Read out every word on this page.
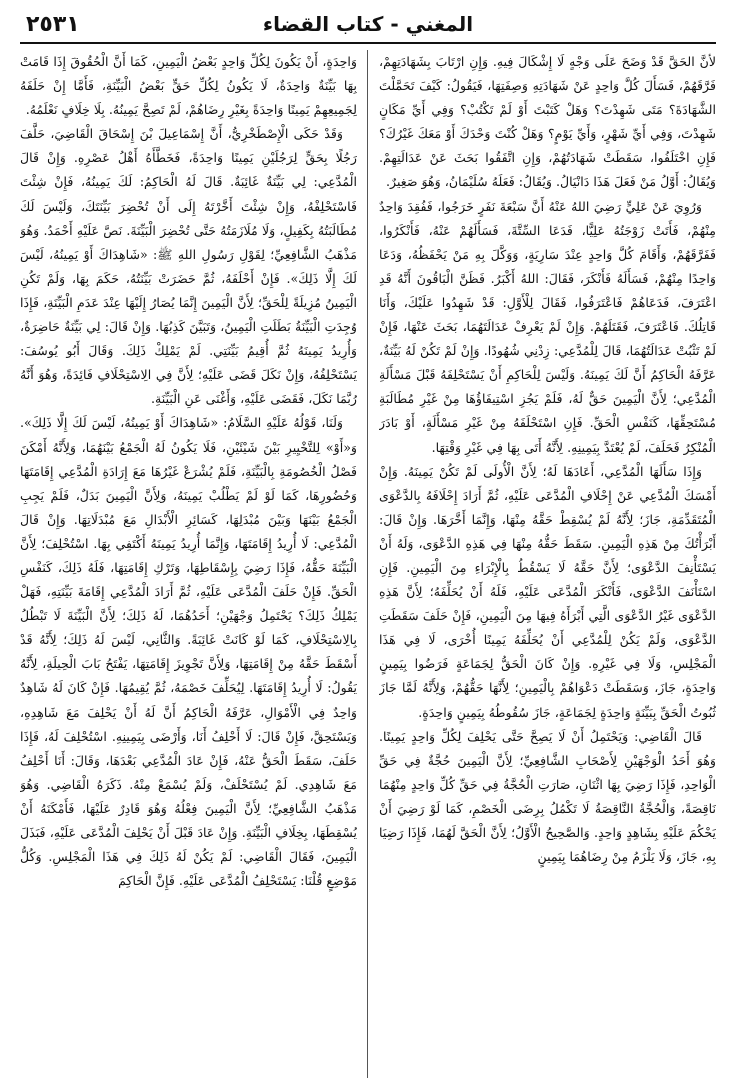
٢٥٣١	المغني - كتاب القضاء

لأنَّ الحَقَّ قَدْ وَضَحَ عَلَى وَجْهٍ لَا إِشْكَالَ فِيهِ. وَإِنِ ارْتَابَ بِشَهَادَتِهِمْ، فَرَّقَهُمْ، فَسَأَلَ كُلَّ وَاحِدٍ عَنْ شَهَادَتِهِ وَصِفَتِهَا، فَيَقُولُ: كَيْفَ تَحَمَّلْتَ الشَّهَادَةَ؟ مَتَى شَهِدْتَ؟ وَهَلْ كَتَبْتَ أَوْ لَمْ تَكْتُبْ؟ وَفِي أَيِّ مَكَانٍ شَهِدْتَ، وَفِي أَيِّ شَهْرٍ، وَأَيِّ يَوْمٍ؟ وَهَلْ كُنْتَ وَحْدَكَ أَوْ مَعَكَ غَيْرُكَ؟ فَإِنِ اخْتَلَفُوا، سَقَطَتْ شَهَادَتُهُمْ، وَإِنِ اتَّفَقُوا بَحَثَ عَنْ عَدَالَتِهِمْ. وَيُقَالُ: أَوَّلُ مَنْ فَعَلَ هَذَا دَانْيَالُ. وَيُقَالُ: فَعَلَهُ سُلَيْمَانُ، وَهُوَ صَغِيرٌ.

وَرُوِيَ عَنْ عَلِيٍّ رَضِيَ اللهُ عَنْهُ أَنَّ سَبْعَةَ نَفَرٍ خَرَجُوا، فَفُقِدَ وَاحِدٌ مِنْهُمْ، فَأَتَتْ زَوْجَتُهُ عَلِيًّا، فَدَعَا السِّتَّةَ، فَسَأَلَهُمْ عَنْهُ، فَأَنْكَرُوا، فَفَرَّقَهُمْ، وَأَقَامَ كُلَّ وَاحِدٍ عِنْدَ سَارِيَةٍ، وَوَكَّلَ بِهِ مَنْ يَحْفَظُهُ، وَدَعَا وَاحِدًا مِنْهُمْ، فَسَأَلَهُ فَأَنْكَرَ، فَقَالَ: اللهُ أَكْبَرُ. فَظَنَّ الْبَاقُونَ أَنَّهُ قَدِ اعْتَرَفَ، فَدَعَاهُمْ فَاعْتَرَفُوا، فَقَالَ لِلْأَوَّلِ: قَدْ شَهِدُوا عَلَيْكَ، وَأَنَا قَاتِلُكَ. فَاعْتَرَفَ، فَقَتَلَهُمْ. وَإِنْ لَمْ يَعْرِفْ عَدَالَتَهُمَا، بَحَثَ عَنْهَا، فَإِنْ لَمْ تَثْبُتْ عَدَالَتُهُمَا، قَالَ لِلْمُدَّعِي: زِدْنِي شُهُودًا. وَإِنْ لَمْ تَكُنْ لَهُ بَيِّنَةٌ، عَرَّفَهُ الْحَاكِمُ أَنَّ لَكَ يَمِينَهُ. وَلَيْسَ لِلْحَاكِمِ أَنْ يَسْتَحْلِفَهُ قَبْلَ مَسْأَلَةِ الْمُدَّعِي؛ لِأَنَّ الْيَمِينَ حَقٌّ لَهُ، فَلَمْ يَجُزِ اسْتِيفَاؤُهَا مِنْ غَيْرِ مُطَالَبَةِ مُسْتَحِقِّهَا، كَنَفْسِ الْحَقِّ. فَإِنِ اسْتَحْلَفَهُ مِنْ غَيْرِ مَسْأَلَةٍ، أَوْ بَادَرَ الْمُنْكِرُ فَحَلَفَ، لَمْ يُعْتَدَّ بِيَمِينِهِ. لِأَنَّهُ أَتَى بِهَا فِي غَيْرِ وَقْتِهَا.

وَإِذَا سَأَلَهَا الْمُدَّعِي، أَعَادَهَا لَهُ؛ لِأَنَّ الْأُولَى لَمْ تَكُنْ يَمِينَهُ. وَإِنْ أَمْسَكَ الْمُدَّعِي عَنْ إِحْلَافِ الْمُدَّعَى عَلَيْهِ، ثُمَّ أَرَادَ إِحْلَافَهُ بِالدَّعْوَى الْمُتَقَدِّمَةِ، جَازَ؛ لِأَنَّهُ لَمْ يُسْقِطْ حَقَّهُ مِنْهَا، وَإِنَّمَا أَخَّرَهَا. وَإِنْ قَالَ: أَبْرَأْتُكَ مِنْ هَذِهِ الْيَمِينِ. سَقَطَ حَقُّهُ مِنْهَا فِي هَذِهِ الدَّعْوَى، وَلَهُ أَنْ يَسْتَأْنِفَ الدَّعْوَى؛ لِأَنَّ حَقَّهُ لَا يَسْقُطُ بِالْإِبْرَاءِ مِنَ الْيَمِينِ. فَإِنِ اسْتَأْنَفَ الدَّعْوَى، فَأَنْكَرَ الْمُدَّعَى عَلَيْهِ، فَلَهُ أَنْ يُحَلِّفَهُ؛ لِأَنَّ هَذِهِ الدَّعْوَى غَيْرُ الدَّعْوَى الَّتِي أَبْرَأَهُ فِيهَا مِنَ الْيَمِينِ، فَإِنْ حَلَفَ سَقَطَتِ الدَّعْوَى، وَلَمْ يَكُنْ لِلْمُدَّعِي أَنْ يُحَلِّفَهُ يَمِينًا أُخْرَى، لَا فِي هَذَا الْمَجْلِسِ، وَلَا فِي غَيْرِهِ. وَإِنْ كَانَ الْحَقُّ لِجَمَاعَةٍ فَرَضُوا بِيَمِينٍ وَاحِدَةٍ، جَازَ، وَسَقَطَتْ دَعْوَاهُمْ بِالْيَمِينِ؛ لِأَنَّهَا حَقُّهُمْ، وَلِأَنَّهُ لَمَّا جَازَ ثُبُوتُ الْحَقِّ بِبَيِّنَةٍ وَاحِدَةٍ لِجَمَاعَةٍ، جَازَ سُقُوطُهُ بِيَمِينٍ وَاحِدَةٍ.

قَالَ الْقَاضِي: وَيَحْتَمِلُ أَنْ لَا يَصِحَّ حَتَّى يَحْلِفَ لِكُلِّ وَاحِدٍ يَمِينًا. وَهُوَ أَحَدُ الْوَجْهَيْنِ لِأَصْحَابِ الشَّافِعِيِّ؛ لِأَنَّ الْيَمِينَ حُجَّةٌ فِي حَقِّ الْوَاحِدِ، فَإِذَا رَضِيَ بِهَا اثْنَانِ، صَارَتِ الْحُجَّةُ فِي حَقِّ كُلِّ وَاحِدٍ مِنْهُمَا نَاقِصَةً، وَالْحُجَّةُ النَّاقِصَةُ لَا تَكْمُلُ بِرِضَى الْخَصْمِ، كَمَا لَوْ رَضِيَ أَنْ يَحْكُمَ عَلَيْهِ بِشَاهِدٍ وَاحِدٍ. وَالصَّحِيحُ الْأَوَّلُ؛ لِأَنَّ الْحَقَّ لَهُمَا، فَإِذَا رَضِيَا بِهِ، جَازَ، وَلَا يَلْزَمُ مِنْ رِضَاهُمَا بِيَمِينٍ

وَاحِدَةٍ، أَنْ يَكُونَ لِكُلِّ وَاحِدٍ بَعْضُ الْيَمِينِ، كَمَا أَنَّ الْحُقُوقَ إِذَا قَامَتْ بِهَا بَيِّنَةٌ وَاحِدَةٌ، لَا يَكُونُ لِكُلِّ حَقٍّ بَعْضُ الْبَيِّنَةِ، فَأَمَّا إِنْ حَلَفَهُ لِجَمِيعِهِمْ يَمِينًا وَاحِدَةً بِغَيْرِ رِضَاهُمْ، لَمْ تَصِحَّ يَمِينُهُ. بِلَا خِلَافٍ نَعْلَمُهُ.

وَقَدْ حَكَى الْإِصْطَخْرِيُّ، أَنَّ إِسْمَاعِيلَ بْنَ إِسْحَاقَ الْقَاضِيَ، حَلَّفَ رَجُلًا بِحَقٍّ لِرَجُلَيْنِ يَمِينًا وَاحِدَةً، فَخَطَّأَهُ أَهْلُ عَصْرِهِ. وَإِنْ قَالَ الْمُدَّعِي: لِي بَيِّنَةٌ غَائِبَةٌ. قَالَ لَهُ الْحَاكِمُ: لَكَ يَمِينُهُ، فَإِنْ شِئْتَ فَاسْتَحْلِفْهُ، وَإِنْ شِئْتَ أَخَّرْتَهُ إِلَى أَنْ تُحْضِرَ بَيِّنَتَكَ، وَلَيْسَ لَكَ مُطَالَبَتُهُ بِكَفِيلٍ، وَلَا مُلَازَمَتُهُ حَتَّى تُحْضِرَ الْبَيِّنَةَ. نَصَّ عَلَيْهِ أَحْمَدُ. وَهُوَ مَذْهَبُ الشَّافِعِيِّ؛ لِقَوْلِ رَسُولِ اللهِ ﷺ: «شَاهِدَاكَ أَوْ يَمِينُهُ، لَيْسَ لَكَ إِلَّا ذَلِكَ». فَإِنْ أَحْلَفَهُ، ثُمَّ حَضَرَتْ بَيِّنَتُهُ، حَكَمَ بِهَا، وَلَمْ تَكُنِ الْيَمِينُ مُزِيلَةً لِلْحَقِّ؛ لِأَنَّ الْيَمِينَ إِنَّمَا يُصَارُ إِلَيْهَا عِنْدَ عَدَمِ الْبَيِّنَةِ، فَإِذَا وُجِدَتِ الْبَيِّنَةُ بَطَلَتِ الْيَمِينُ، وَتَبَيَّنَ كَذِبُهَا. وَإِنْ قَالَ: لِي بَيِّنَةٌ حَاضِرَةٌ، وَأُرِيدُ يَمِينَهُ ثُمَّ أُقِيمُ بَيِّنَتِي. لَمْ يَمْلِكْ ذَلِكَ. وَقَالَ أَبُو يُوسُفَ: يَسْتَحْلِفُهُ، وَإِنْ نَكَلَ قَضَى عَلَيْهِ؛ لِأَنَّ فِي الِاسْتِحْلَافِ فَائِدَةً، وَهُوَ أَنَّهُ رُبَّمَا نَكَلَ، فَقَضَى عَلَيْهِ، وَأَغْنَى عَنِ الْبَيِّنَةِ.

وَلَنَا، قَوْلُهُ عَلَيْهِ السَّلَامُ: «شَاهِدَاكَ أَوْ يَمِينُهُ، لَيْسَ لَكَ إِلَّا ذَلِكَ». وَ«أَوْ» لِلتَّخْيِيرِ بَيْنَ شَيْئَيْنِ، فَلَا يَكُونُ لَهُ الْجَمْعُ بَيْنَهُمَا، وَلِأَنَّهُ أَمْكَنَ فَصْلُ الْخُصُومَةِ بِالْبَيِّنَةِ، فَلَمْ يُشْرَعْ غَيْرُهَا مَعَ إِرَادَةِ الْمُدَّعِي إِقَامَتَهَا وَحُضُورِهَا، كَمَا لَوْ لَمْ يَطْلُبْ يَمِينَهُ، وَلِأَنَّ الْيَمِينَ بَدَلٌ، فَلَمْ يَجِبِ الْجَمْعُ بَيْنَهَا وَبَيْنَ مُبْدَلِهَا، كَسَائِرِ الْأَبْدَالِ مَعَ مُبْدَلَاتِهَا. وَإِنْ قَالَ الْمُدَّعِي: لَا أُرِيدُ إِقَامَتَهَا، وَإِنَّمَا أُرِيدُ يَمِينَهُ أَكْتَفِي بِهَا. اسْتُحْلِفَ؛ لِأَنَّ الْبَيِّنَةَ حَقُّهُ، فَإِذَا رَضِيَ بِإِسْقَاطِهَا، وَتَرْكِ إِقَامَتِهَا، فَلَهُ ذَلِكَ، كَنَفْسِ الْحَقِّ. فَإِنْ حَلَفَ الْمُدَّعَى عَلَيْهِ، ثُمَّ أَرَادَ الْمُدَّعِي إِقَامَةَ بَيِّنَتِهِ، فَهَلْ يَمْلِكُ ذَلِكَ؟ يَحْتَمِلُ وَجْهَيْنِ؛ أَحَدُهُمَا، لَهُ ذَلِكَ؛ لِأَنَّ الْبَيِّنَةَ لَا تَبْطُلُ بِالِاسْتِحْلَافِ، كَمَا لَوْ كَانَتْ غَائِبَةً. وَالثَّانِي، لَيْسَ لَهُ ذَلِكَ؛ لِأَنَّهُ قَدْ أَسْقَطَ حَقَّهُ مِنْ إِقَامَتِهَا، وَلِأَنَّ تَجْوِيزَ إِقَامَتِهَا، يَفْتَحُ بَابَ الْحِيلَةِ، لِأَنَّهُ يَقُولُ: لَا أُرِيدُ إِقَامَتَهَا. لِيُحَلِّفَ خَصْمَهُ، ثُمَّ يُقِيمُهَا. فَإِنْ كَانَ لَهُ شَاهِدٌ وَاحِدٌ فِي الْأَمْوَالِ، عَرَّفَهُ الْحَاكِمُ أَنَّ لَهُ أَنْ يَحْلِفَ مَعَ شَاهِدِهِ، وَيَسْتَحِقَّ، فَإِنْ قَالَ: لَا أَحْلِفُ أَنَا، وَأَرْضَى بِيَمِينِهِ. اسْتُحْلِفَ لَهُ، فَإِذَا حَلَفَ، سَقَطَ الْحَقُّ عَنْهُ، فَإِنْ عَادَ الْمُدَّعِي بَعْدَهَا، وَقَالَ: أَنَا أَحْلِفُ مَعَ شَاهِدِي. لَمْ يُسْتَحْلَفْ، وَلَمْ يُسْمَعْ مِنْهُ. ذَكَرَهُ الْقَاضِي. وَهُوَ مَذْهَبُ الشَّافِعِيِّ؛ لِأَنَّ الْيَمِينَ فِعْلُهُ وَهُوَ قَادِرٌ عَلَيْهَا، فَأَمْكَنَهُ أَنْ يُسْقِطَهَا، بِخِلَافِ الْبَيِّنَةِ. وَإِنْ عَادَ قَبْلَ أَنْ يَحْلِفَ الْمُدَّعَى عَلَيْهِ، فَبَذَلَ الْيَمِينَ، فَقَالَ الْقَاضِي: لَمْ يَكُنْ لَهُ ذَلِكَ فِي هَذَا الْمَجْلِسِ. وَكُلُّ مَوْضِعٍ قُلْنَا: يَسْتَحْلِفُ الْمُدَّعَى عَلَيْهِ. فَإِنَّ الْحَاكِمَ
